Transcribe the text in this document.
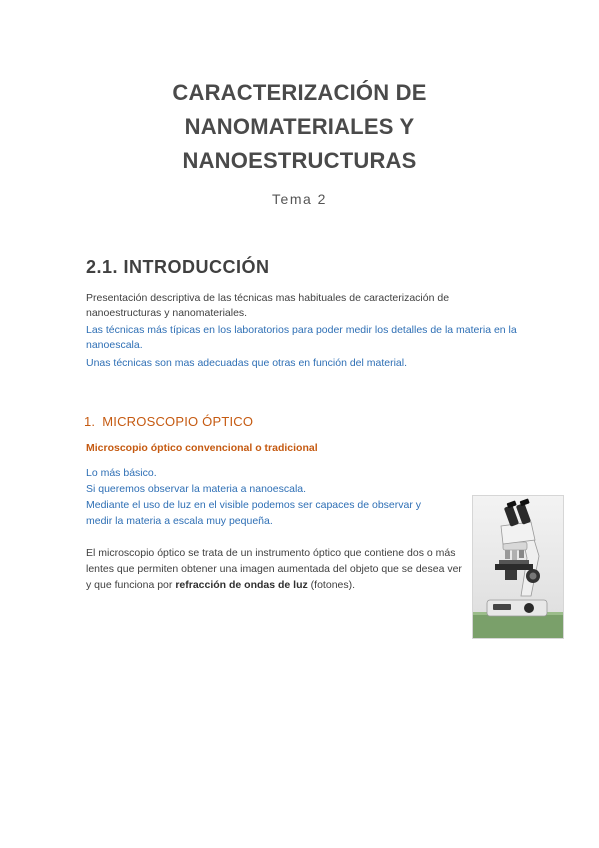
CARACTERIZACIÓN DE
NANOMATERIALES Y
NANOESTRUCTURAS
Tema 2
2.1. INTRODUCCIÓN
Presentación descriptiva de las técnicas mas habituales de caracterización de nanoestructuras y nanomateriales.
Las técnicas más típicas en los laboratorios para poder medir los detalles de la materia en la nanoescala.
Unas técnicas son mas adecuadas que otras en función del material.
1. MICROSCOPIO ÓPTICO
Microscopio óptico convencional o tradicional
Lo más básico.
Si queremos observar la materia a nanoescala.
Mediante el uso de luz en el visible podemos ser capaces de observar y
medir la materia a escala muy pequeña.
El microscopio óptico se trata de un instrumento óptico que contiene dos o más lentes que permiten obtener una imagen aumentada del objeto que se desea ver y que funciona por refracción de ondas de luz (fotones).
